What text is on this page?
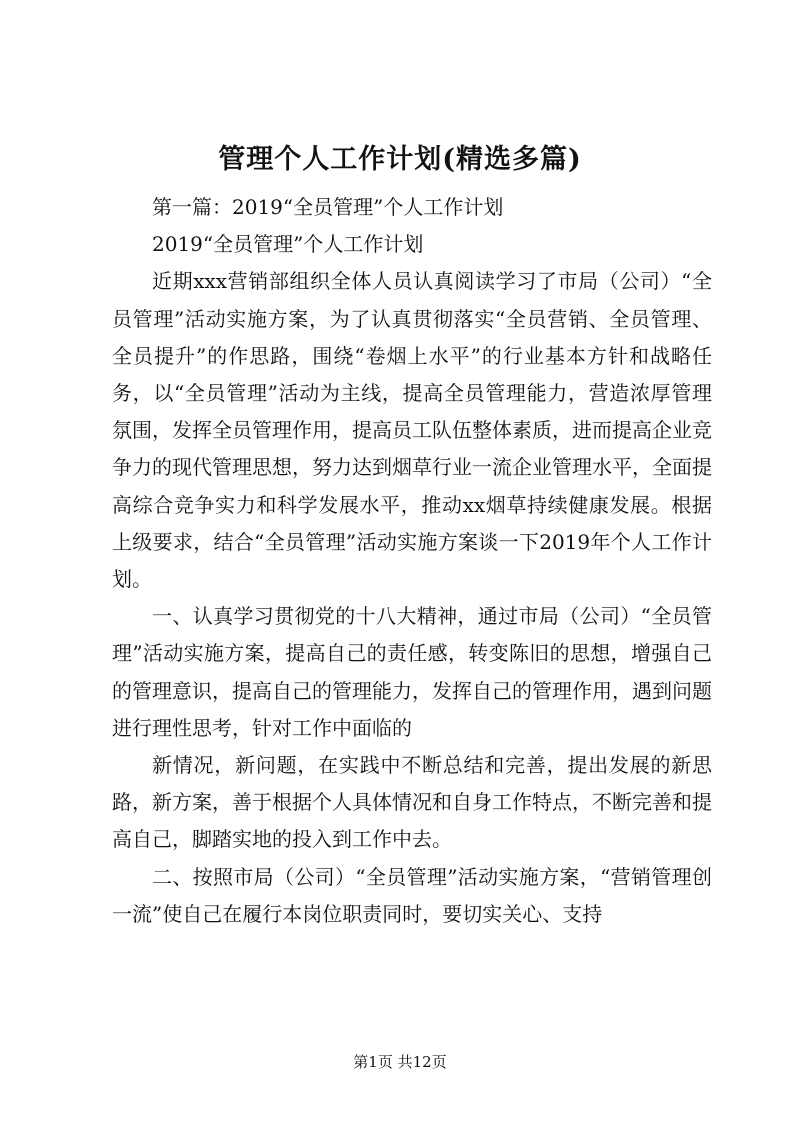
管理个人工作计划(精选多篇)

第一篇：2019“全员管理”个人工作计划

2019“全员管理”个人工作计划

近期xxx营销部组织全体人员认真阅读学习了市局（公司）“全员管理”活动实施方案，为了认真贯彻落实“全员营销、全员管理、全员提升”的作思路，围绕“卷烟上水平”的行业基本方针和战略任务，以“全员管理”活动为主线，提高全员管理能力，营造浓厚管理氛围，发挥全员管理作用，提高员工队伍整体素质，进而提高企业竞争力的现代管理思想，努力达到烟草行业一流企业管理水平，全面提高综合竞争实力和科学发展水平，推动xx烟草持续健康发展。根据上级要求，结合“全员管理”活动实施方案谈一下2019年个人工作计划。

一、认真学习贯彻党的十八大精神，通过市局（公司）“全员管理”活动实施方案，提高自己的责任感，转变陈旧的思想，增强自己的管理意识，提高自己的管理能力，发挥自己的管理作用，遇到问题进行理性思考，针对工作中面临的

新情况，新问题，在实践中不断总结和完善，提出发展的新思路，新方案，善于根据个人具体情况和自身工作特点，不断完善和提高自己，脚踏实地的投入到工作中去。

二、按照市局（公司）“全员管理”活动实施方案，“营销管理创一流”使自己在履行本岗位职责同时，要切实关心、支持

第1页 共12页
